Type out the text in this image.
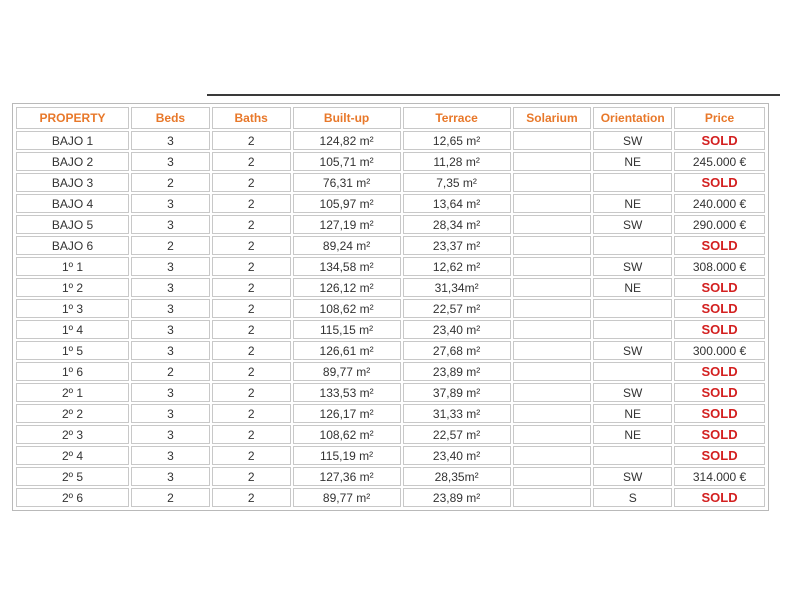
PROPERTY	Beds	Baths	Built-up	Terrace	Solarium	Orientation	Price
BAJO 1	3	2	124,82 m²	12,65 m²		SW	SOLD
BAJO 2	3	2	105,71 m²	11,28 m²		NE	245.000 €
BAJO 3	2	2	76,31 m²	7,35 m²			SOLD
BAJO 4	3	2	105,97 m²	13,64 m²		NE	240.000 €
BAJO 5	3	2	127,19 m²	28,34 m²		SW	290.000 €
BAJO 6	2	2	89,24 m²	23,37 m²			SOLD
1º 1	3	2	134,58 m²	12,62 m²		SW	308.000 €
1º 2	3	2	126,12 m²	31,34m²		NE	SOLD
1º 3	3	2	108,62 m²	22,57 m²			SOLD
1º 4	3	2	115,15 m²	23,40 m²			SOLD
1º 5	3	2	126,61 m²	27,68 m²		SW	300.000 €
1º 6	2	2	89,77 m²	23,89 m²			SOLD
2º 1	3	2	133,53 m²	37,89 m²		SW	SOLD
2º 2	3	2	126,17 m²	31,33 m²		NE	SOLD
2º 3	3	2	108,62 m²	22,57 m²		NE	SOLD
2º 4	3	2	115,19 m²	23,40 m²			SOLD
2º 5	3	2	127,36 m²	28,35m²		SW	314.000 €
2º 6	2	2	89,77 m²	23,89 m²		S	SOLD
